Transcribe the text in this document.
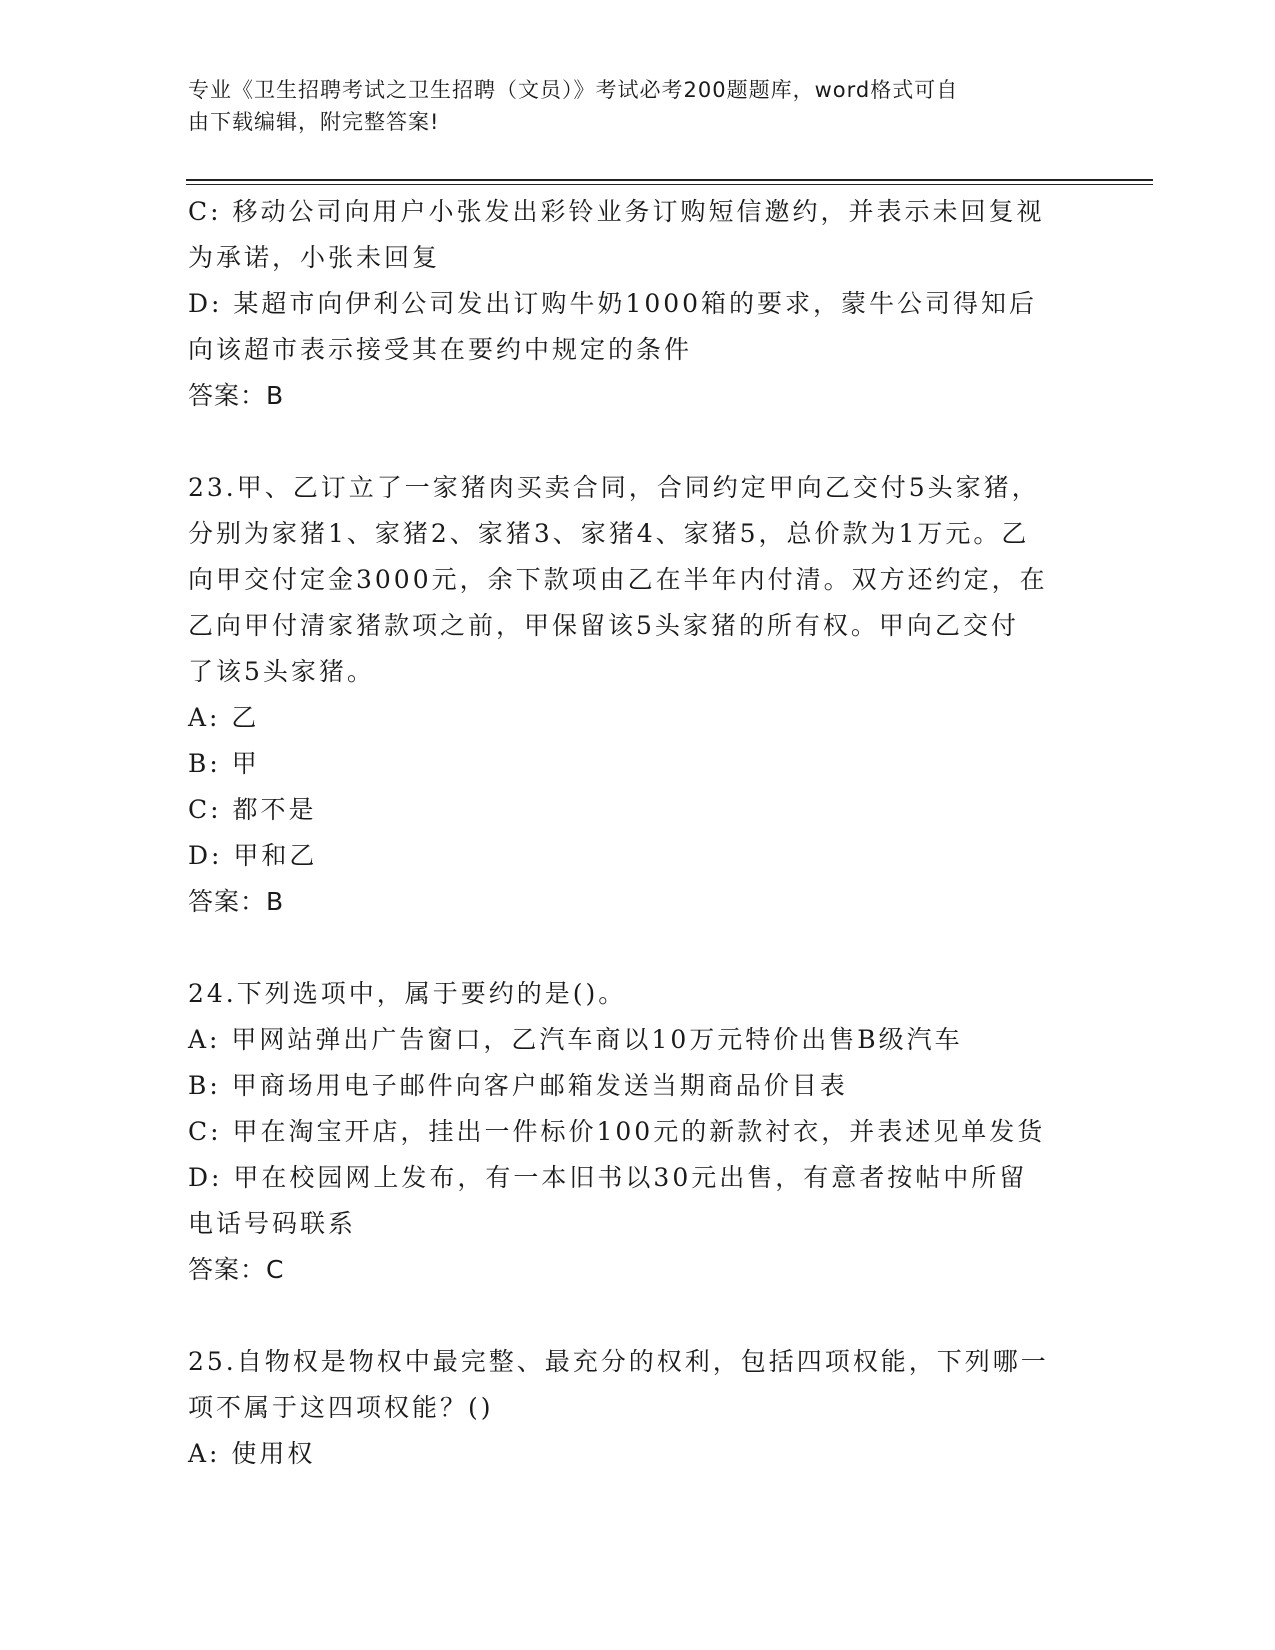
专业《卫生招聘考试之卫生招聘（文员）》考试必考200题题库，word格式可自
由下载编辑，附完整答案!
C: 移动公司向用户小张发出彩铃业务订购短信邀约，并表示未回复视
为承诺，小张未回复
D: 某超市向伊利公司发出订购牛奶1000箱的要求，蒙牛公司得知后
向该超市表示接受其在要约中规定的条件
答案：B
23.甲、乙订立了一家猪肉买卖合同，合同约定甲向乙交付5头家猪，
分别为家猪1、家猪2、家猪3、家猪4、家猪5，总价款为1万元。乙
向甲交付定金3000元，余下款项由乙在半年内付清。双方还约定，在
乙向甲付清家猪款项之前，甲保留该5头家猪的所有权。甲向乙交付
了该5头家猪。
A: 乙
B: 甲
C: 都不是
D: 甲和乙
答案：B
24.下列选项中，属于要约的是()。
A: 甲网站弹出广告窗口，乙汽车商以10万元特价出售B级汽车
B: 甲商场用电子邮件向客户邮箱发送当期商品价目表
C: 甲在淘宝开店，挂出一件标价100元的新款衬衣，并表述见单发货
D: 甲在校园网上发布，有一本旧书以30元出售，有意者按帖中所留
电话号码联系
答案：C
25.自物权是物权中最完整、最充分的权利，包括四项权能，下列哪一
项不属于这四项权能？()
A: 使用权
